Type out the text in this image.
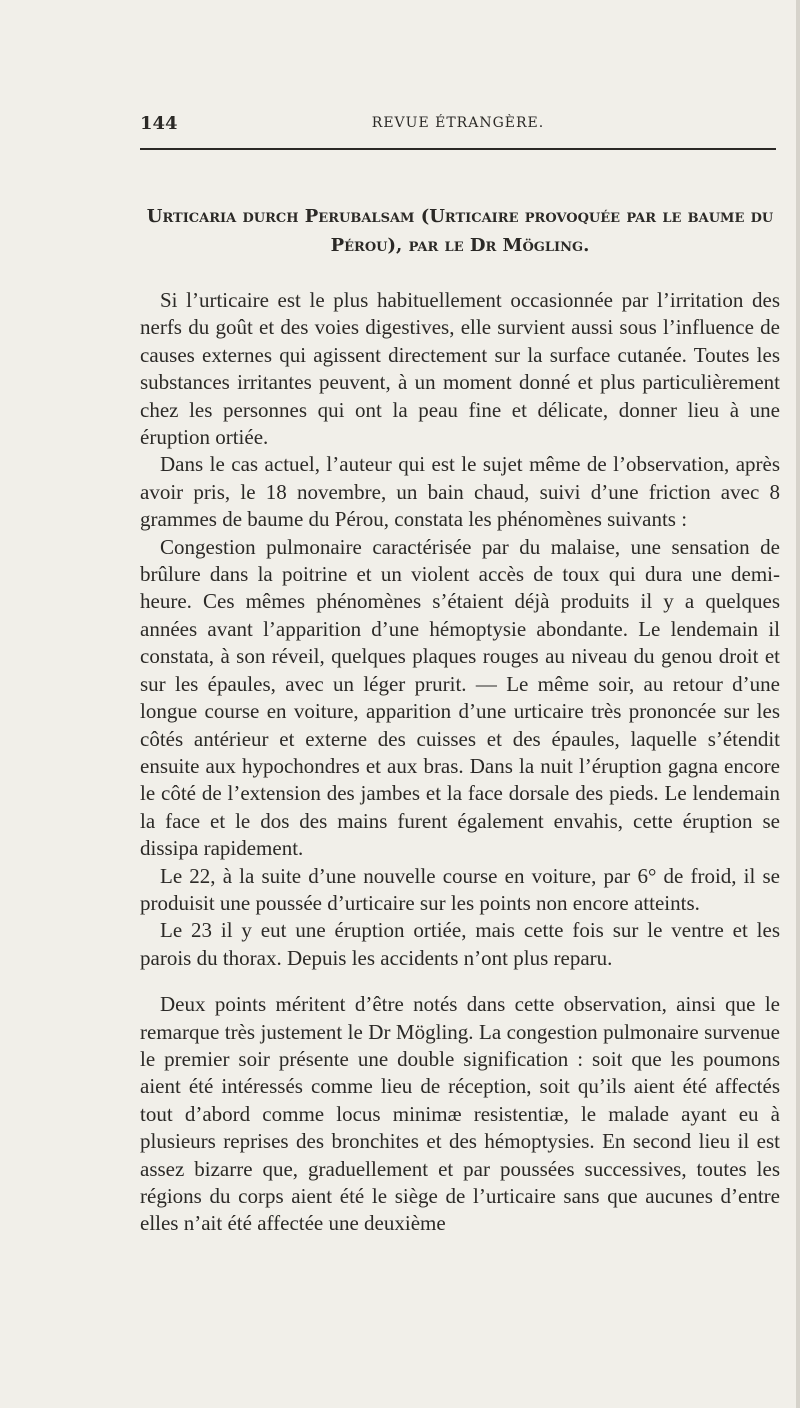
144	REVUE ÉTRANGÈRE.
Urticaria durch Perubalsam (Urticaire provoquée par le baume du
Pérou), par le Dr Mögling.

Si l’urticaire est le plus habituellement occasionnée par l’irritation des nerfs du goût et des voies digestives, elle survient aussi sous l’influence de causes externes qui agissent directement sur la surface cutanée. Toutes les substances irritantes peuvent, à un moment donné et plus particulièrement chez les personnes qui ont la peau fine et délicate, donner lieu à une éruption ortiée.

Dans le cas actuel, l’auteur qui est le sujet même de l’observation, après avoir pris, le 18 novembre, un bain chaud, suivi d’une friction avec 8 grammes de baume du Pérou, constata les phénomènes suivants :

Congestion pulmonaire caractérisée par du malaise, une sensation de brûlure dans la poitrine et un violent accès de toux qui dura une demi-heure. Ces mêmes phénomènes s’étaient déjà produits il y a quelques années avant l’apparition d’une hémoptysie abondante. Le lendemain il constata, à son réveil, quelques plaques rouges au niveau du genou droit et sur les épaules, avec un léger prurit. — Le même soir, au retour d’une longue course en voiture, apparition d’une urticaire très prononcée sur les côtés antérieur et externe des cuisses et des épaules, laquelle s’étendit ensuite aux hypochondres et aux bras. Dans la nuit l’éruption gagna encore le côté de l’extension des jambes et la face dorsale des pieds. Le lendemain la face et le dos des mains furent également envahis, cette éruption se dissipa rapidement.

Le 22, à la suite d’une nouvelle course en voiture, par 6° de froid, il se produisit une poussée d’urticaire sur les points non encore atteints.

Le 23 il y eut une éruption ortiée, mais cette fois sur le ventre et les parois du thorax. Depuis les accidents n’ont plus reparu.

Deux points méritent d’être notés dans cette observation, ainsi que le remarque très justement le Dr Mögling. La congestion pulmonaire survenue le premier soir présente une double signification : soit que les poumons aient été intéressés comme lieu de réception, soit qu’ils aient été affectés tout d’abord comme locus minimæ resistentiæ, le malade ayant eu à plusieurs reprises des bronchites et des hémoptysies. En second lieu il est assez bizarre que, graduellement et par poussées successives, toutes les régions du corps aient été le siège de l’urticaire sans que aucunes d’entre elles n’ait été affectée une deuxième
